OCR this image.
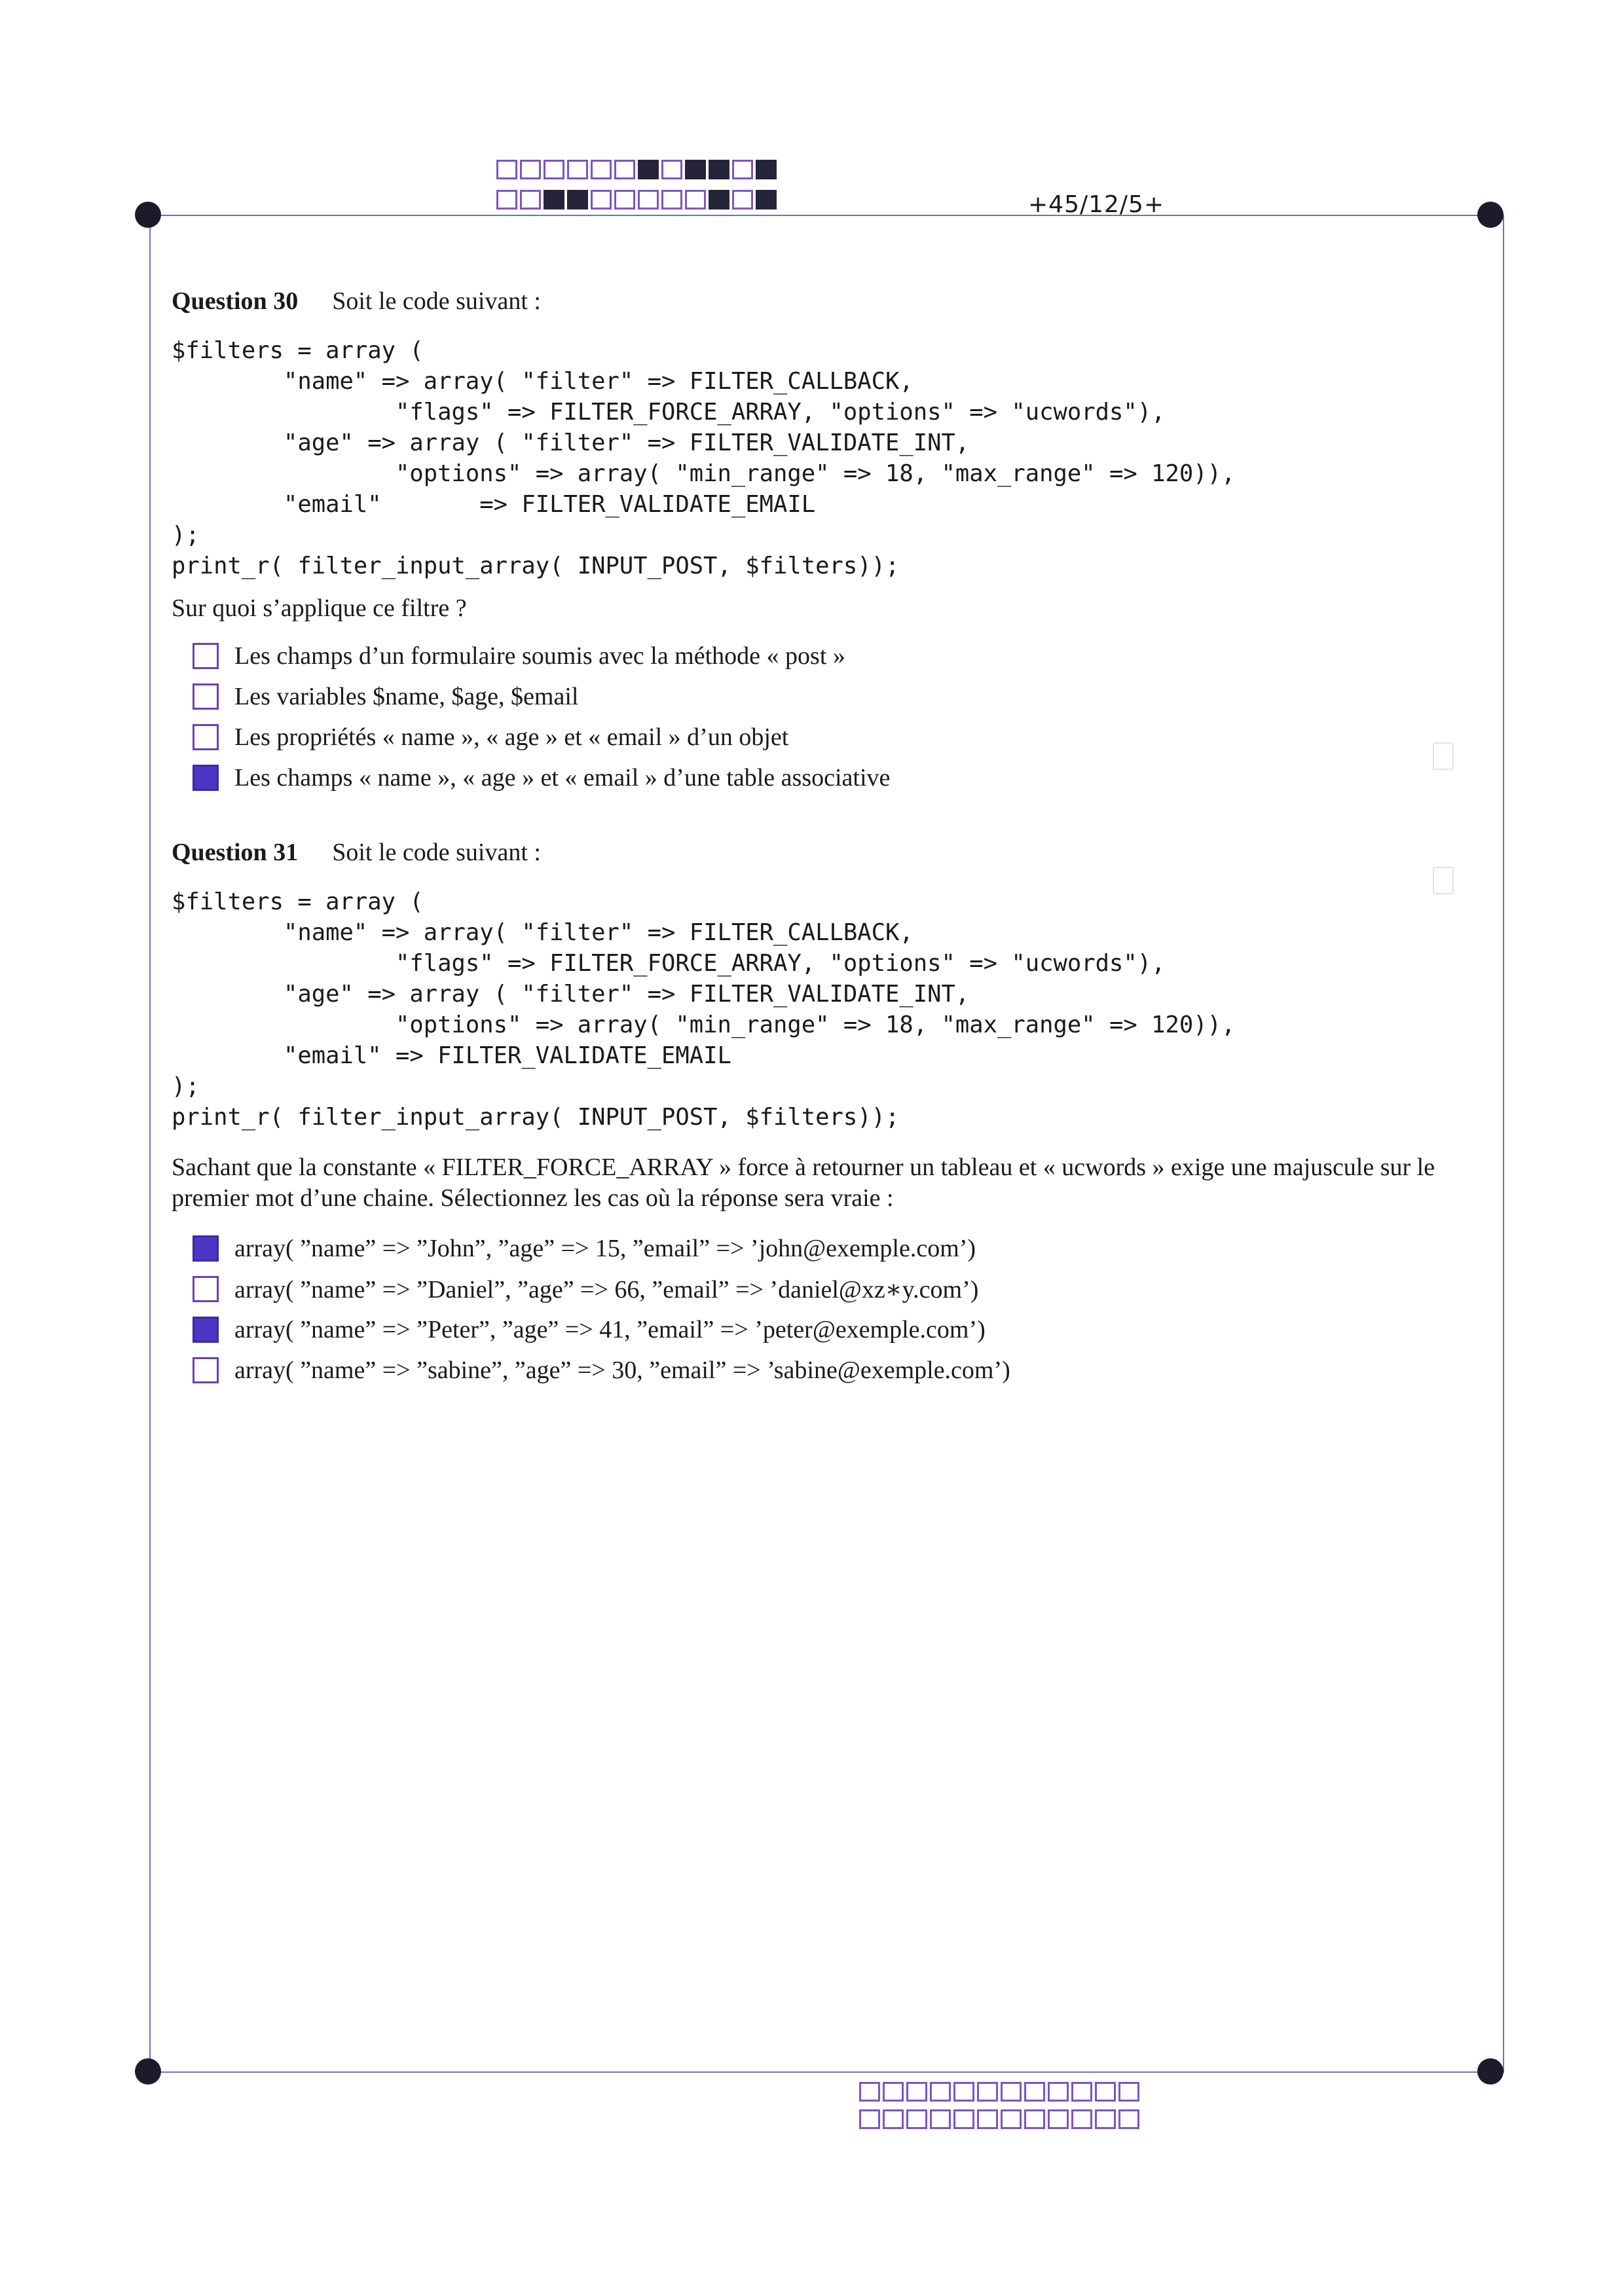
+45/12/5+

Question 30 Soit le code suivant :

$filters = array (
"name" => array( "filter" => FILTER_CALLBACK,
"flags" => FILTER_FORCE_ARRAY, "options" => "ucwords"),
"age" => array ( "filter" => FILTER_VALIDATE_INT,
"options" => array( "min_range" => 18, "max_range" => 120)),
"email"       => FILTER_VALIDATE_EMAIL
);
print_r( filter_input_array( INPUT_POST, $filters));

Sur quoi s’applique ce filtre ?

Les champs d’un formulaire soumis avec la méthode « post »
Les variables $name, $age, $email
Les propriétés « name », « age » et « email » d’un objet
Les champs « name », « age » et « email » d’une table associative

Question 31 Soit le code suivant :

$filters = array (
"name" => array( "filter" => FILTER_CALLBACK,
"flags" => FILTER_FORCE_ARRAY, "options" => "ucwords"),
"age" => array ( "filter" => FILTER_VALIDATE_INT,
"options" => array( "min_range" => 18, "max_range" => 120)),
"email" => FILTER_VALIDATE_EMAIL
);
print_r( filter_input_array( INPUT_POST, $filters));

Sachant que la constante « FILTER_FORCE_ARRAY » force à retourner un tableau et « ucwords » exige une majuscule sur le premier mot d’une chaine. Sélectionnez les cas où la réponse sera vraie :

array( ”name” => ”John”, ”age” => 15, ”email” => ’john@exemple.com’)
array( ”name” => ”Daniel”, ”age” => 66, ”email” => ’daniel@xz∗y.com’)
array( ”name” => ”Peter”, ”age” => 41, ”email” => ’peter@exemple.com’)
array( ”name” => ”sabine”, ”age” => 30, ”email” => ’sabine@exemple.com’)
